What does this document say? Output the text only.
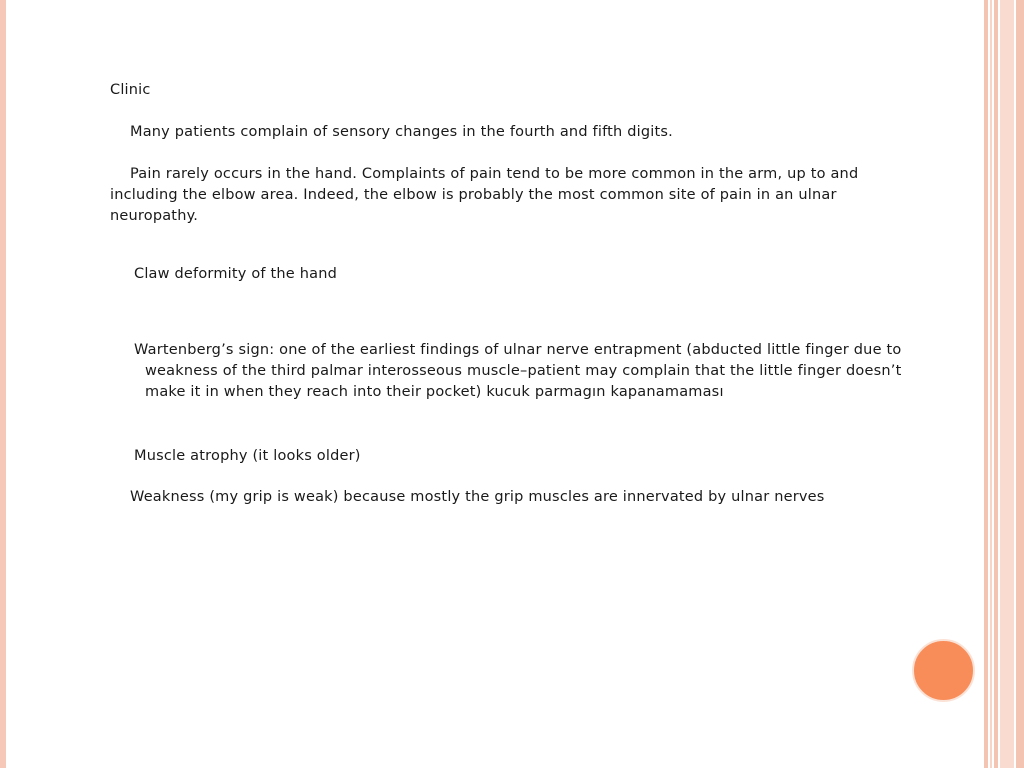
Clinic
Many patients complain of sensory changes in the fourth and fifth digits.
Pain rarely occurs in the hand. Complaints of pain tend to be more common in the arm, up to and including the elbow area. Indeed, the elbow is probably the most common site of pain in an ulnar neuropathy.
Claw deformity of the hand
Wartenberg’s sign: one of the earliest findings of ulnar nerve entrapment (abducted little finger due to weakness of the third palmar interosseous muscle–patient may complain that the little finger doesn’t make it in when they reach into their pocket) kucuk parmagın kapanamaması
Muscle atrophy (it looks older)
Weakness (my grip is weak) because mostly the grip muscles are innervated by ulnar nerves
